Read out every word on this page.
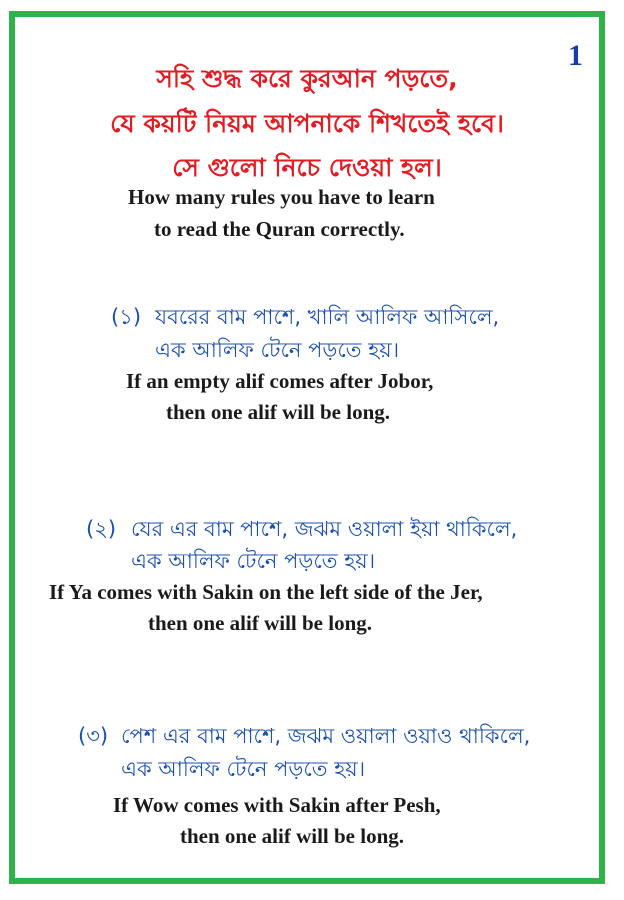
1
সহি শুদ্ধ করে কুরআন পড়তে,
যে কয়টি নিয়ম আপনাকে শিখতেই হবে।
সে গুলো নিচে দেওয়া হল।
How many rules you have to learn
to read the Quran correctly.
(১) যবরের বাম পাশে, খালি আলিফ আসিলে,
এক আলিফ টেনে পড়তে হয়।
If an empty alif comes after Jobor,
then one alif will be long.
(২) যের এর বাম পাশে, জঝম ওয়ালা ইয়া থাকিলে,
এক আলিফ টেনে পড়তে হয়।
If Ya comes with Sakin on the left side of the Jer,
then one alif will be long.
(৩) পেশ এর বাম পাশে, জঝম ওয়ালা ওয়াও থাকিলে,
এক আলিফ টেনে পড়তে হয়।
If Wow comes with Sakin after Pesh,
then one alif will be long.
